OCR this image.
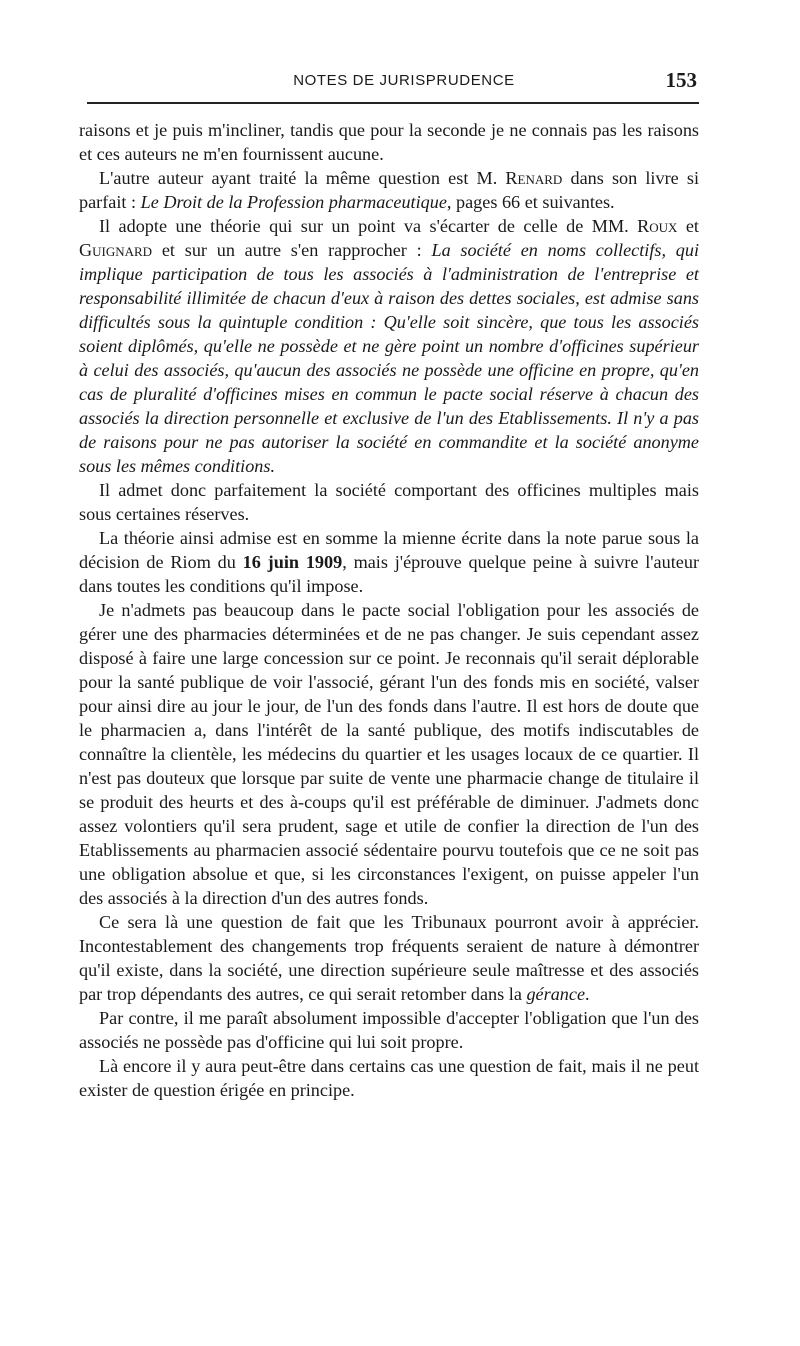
NOTES DE JURISPRUDENCE	153

raisons et je puis m'incliner, tandis que pour la seconde je ne connais pas les raisons et ces auteurs ne m'en fournissent aucune.

L'autre auteur ayant traité la même question est M. Renard dans son livre si parfait : Le Droit de la Profession pharmaceutique, pages 66 et suivantes.

Il adopte une théorie qui sur un point va s'écarter de celle de MM. Roux et Guignard et sur un autre s'en rapprocher : La société en noms collectifs, qui implique participation de tous les associés à l'administration de l'entreprise et responsabilité illimitée de chacun d'eux à raison des dettes sociales, est admise sans difficultés sous la quintuple condition : Qu'elle soit sincère, que tous les associés soient diplômés, qu'elle ne possède et ne gère point un nombre d'officines supérieur à celui des associés, qu'aucun des associés ne possède une officine en propre, qu'en cas de pluralité d'officines mises en commun le pacte social réserve à chacun des associés la direction personnelle et exclusive de l'un des Etablissements. Il n'y a pas de raisons pour ne pas autoriser la société en commandite et la société anonyme sous les mêmes conditions.

Il admet donc parfaitement la société comportant des officines multiples mais sous certaines réserves.

La théorie ainsi admise est en somme la mienne écrite dans la note parue sous la décision de Riom du 16 juin 1909, mais j'éprouve quelque peine à suivre l'auteur dans toutes les conditions qu'il impose.

Je n'admets pas beaucoup dans le pacte social l'obligation pour les associés de gérer une des pharmacies déterminées et de ne pas changer. Je suis cependant assez disposé à faire une large concession sur ce point. Je reconnais qu'il serait déplorable pour la santé publique de voir l'associé, gérant l'un des fonds mis en société, valser pour ainsi dire au jour le jour, de l'un des fonds dans l'autre. Il est hors de doute que le pharmacien a, dans l'intérêt de la santé publique, des motifs indiscutables de connaître la clientèle, les médecins du quartier et les usages locaux de ce quartier. Il n'est pas douteux que lorsque par suite de vente une pharmacie change de titulaire il se produit des heurts et des à-coups qu'il est préférable de diminuer. J'admets donc assez volontiers qu'il sera prudent, sage et utile de confier la direction de l'un des Etablissements au pharmacien associé sédentaire pourvu toutefois que ce ne soit pas une obligation absolue et que, si les circonstances l'exigent, on puisse appeler l'un des associés à la direction d'un des autres fonds.

Ce sera là une question de fait que les Tribunaux pourront avoir à apprécier. Incontestablement des changements trop fréquents seraient de nature à démontrer qu'il existe, dans la société, une direction supérieure seule maîtresse et des associés par trop dépendants des autres, ce qui serait retomber dans la gérance.

Par contre, il me paraît absolument impossible d'accepter l'obligation que l'un des associés ne possède pas d'officine qui lui soit propre.

Là encore il y aura peut-être dans certains cas une question de fait, mais il ne peut exister de question érigée en principe.
